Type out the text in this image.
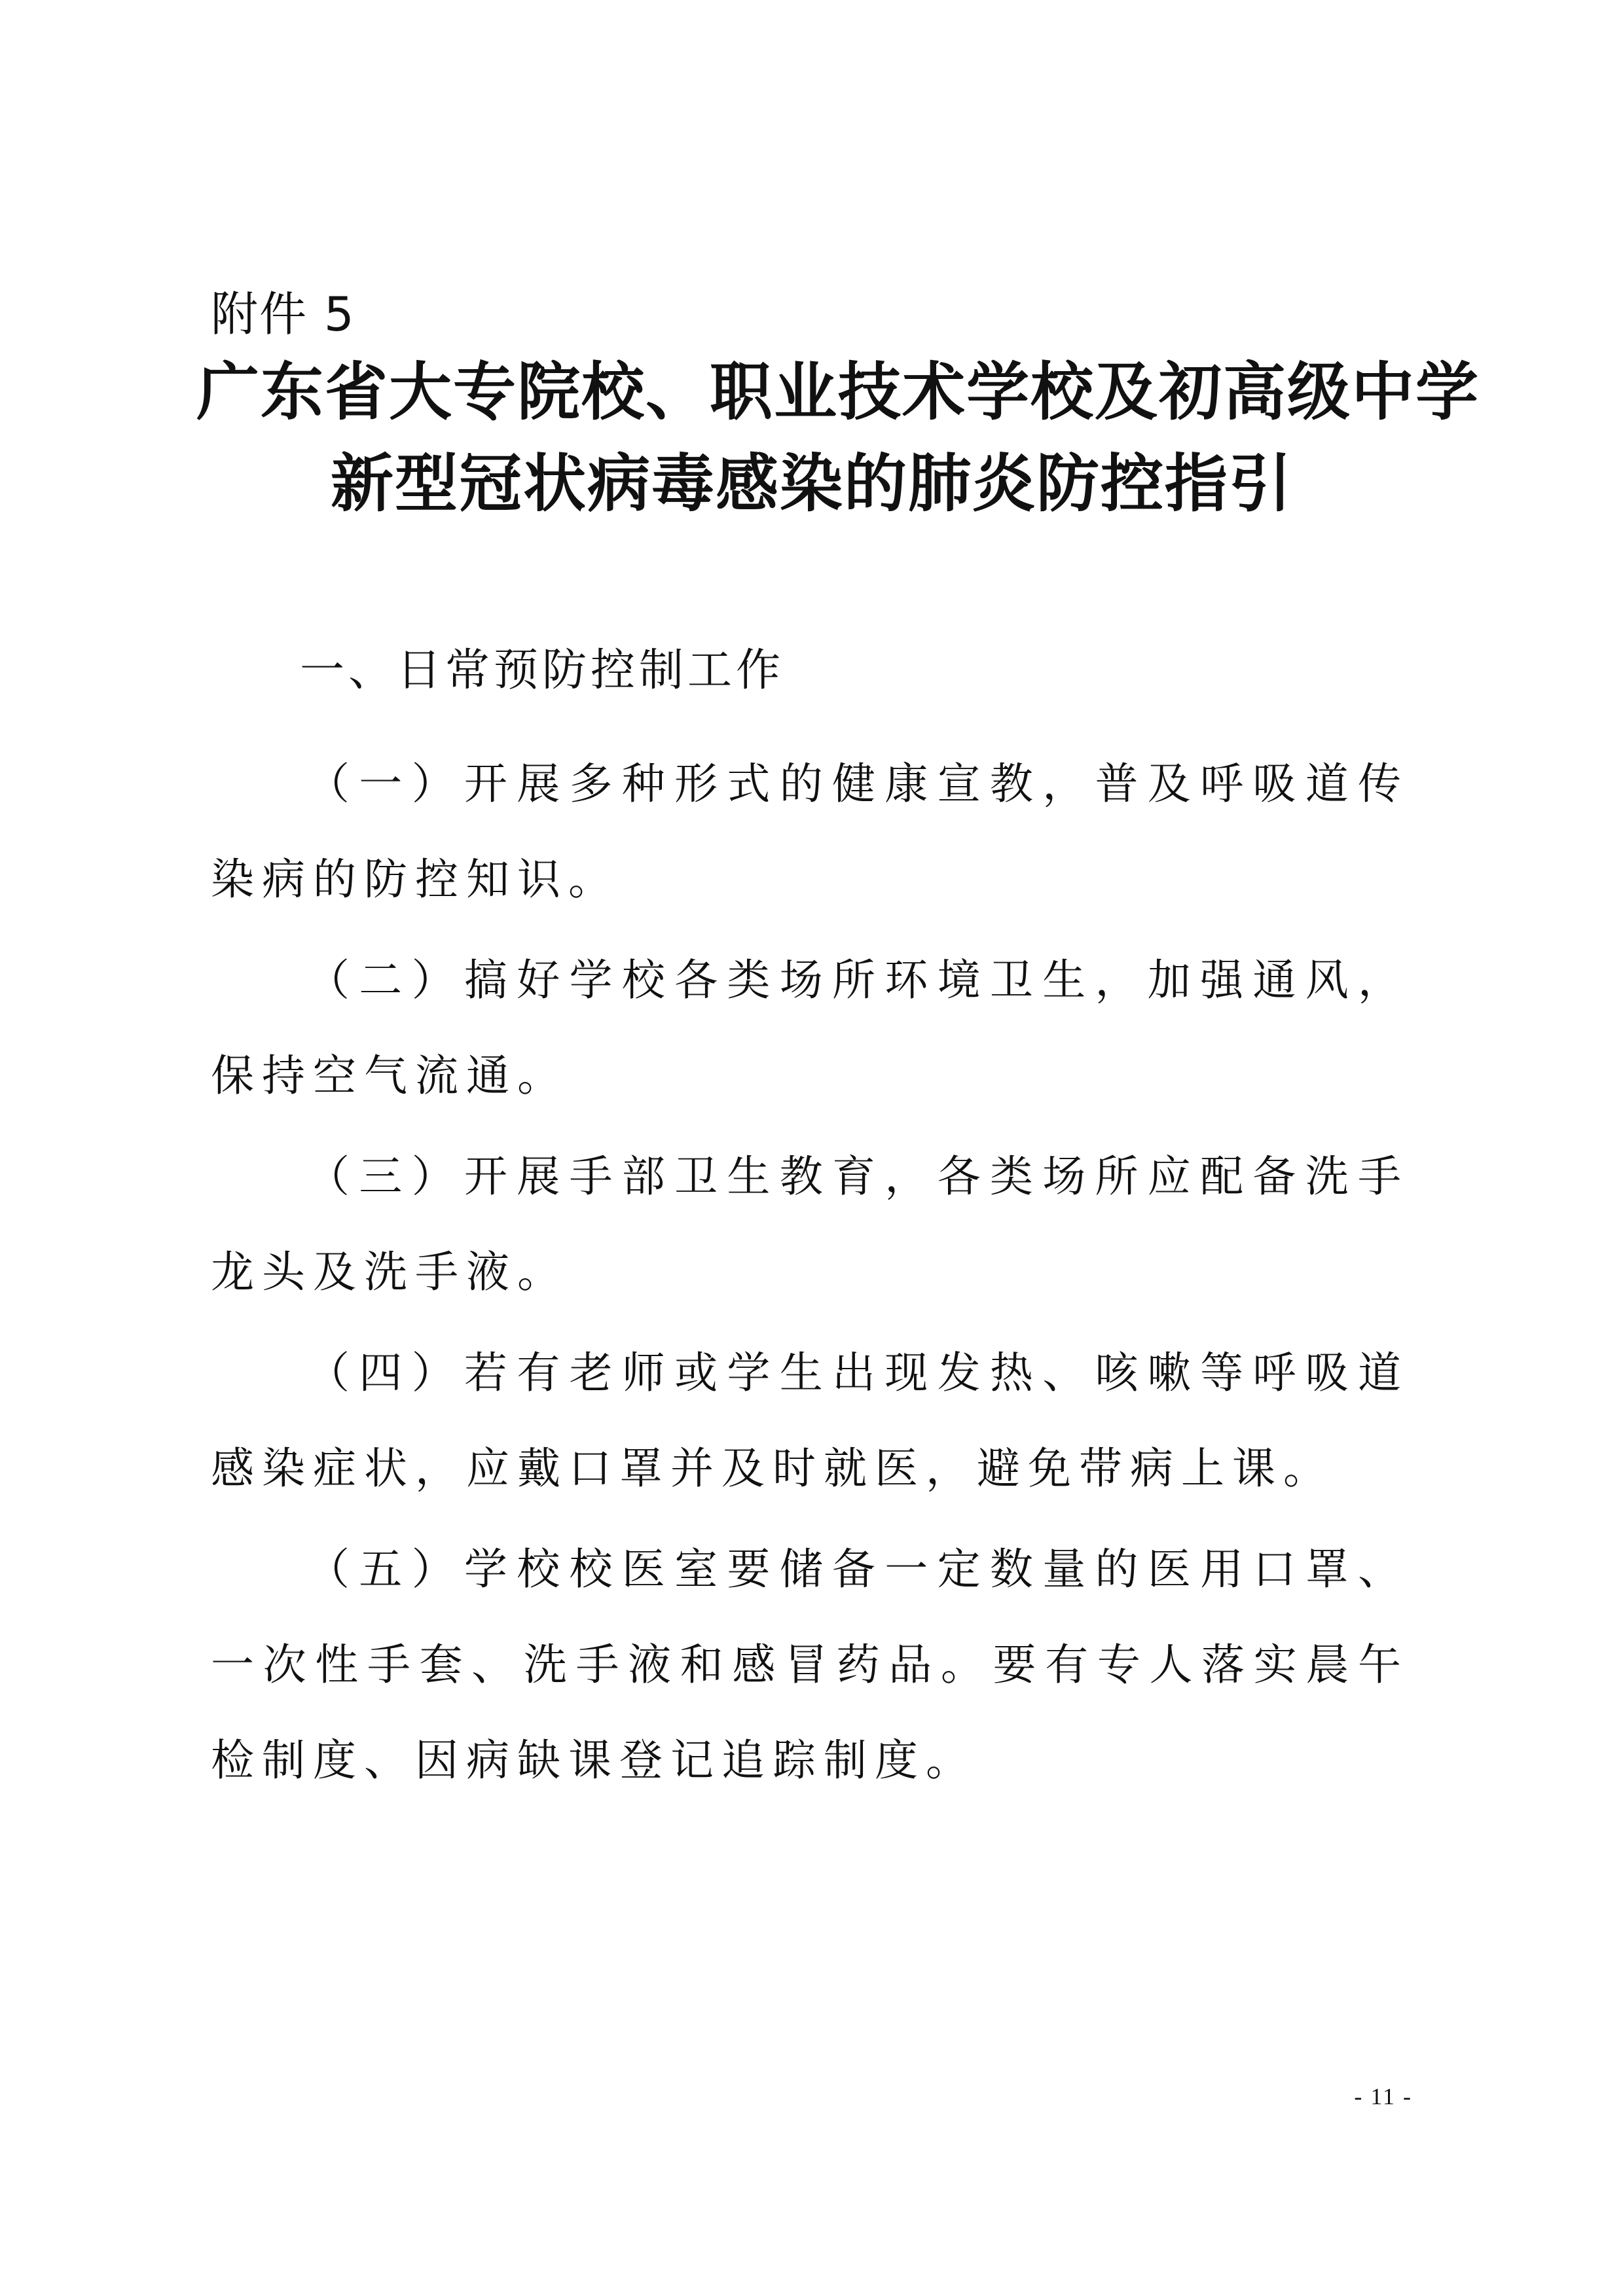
附件 5
广东省大专院校、职业技术学校及初高级中学
新型冠状病毒感染的肺炎防控指引
一、日常预防控制工作

（一）开展多种形式的健康宣教，普及呼吸道传染病的防控知识。

（二）搞好学校各类场所环境卫生，加强通风，保持空气流通。

（三）开展手部卫生教育，各类场所应配备洗手龙头及洗手液。

（四）若有老师或学生出现发热、咳嗽等呼吸道感染症状，应戴口罩并及时就医，避免带病上课。

（五）学校校医室要储备一定数量的医用口罩、一次性手套、洗手液和感冒药品。要有专人落实晨午检制度、因病缺课登记追踪制度。

- 11 -
